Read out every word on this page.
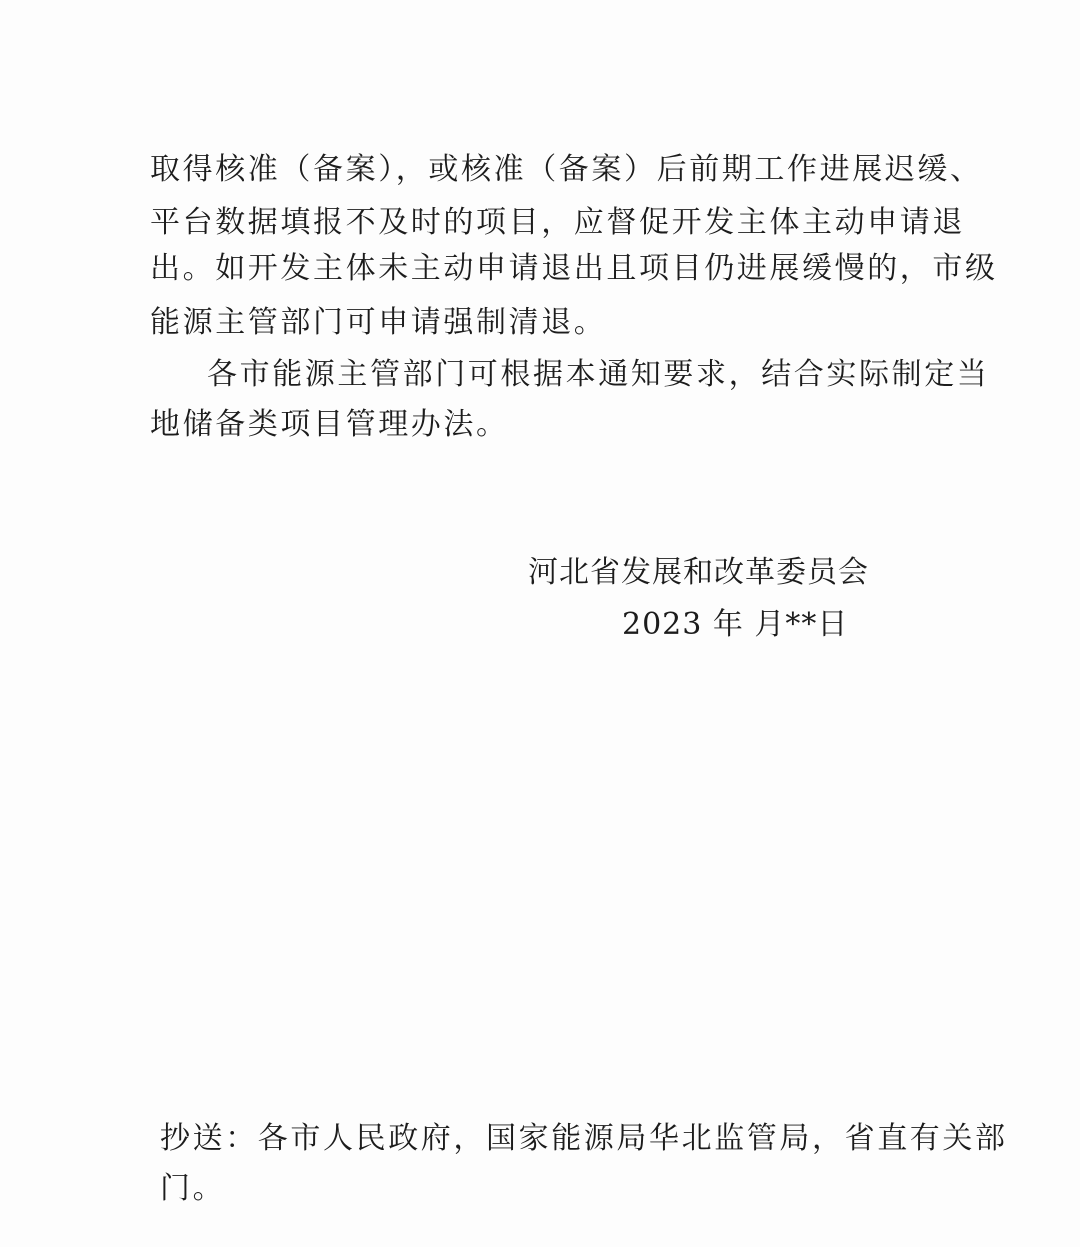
取得核准（备案），或核准（备案）后前期工作进展迟缓、
平台数据填报不及时的项目，应督促开发主体主动申请退
出。如开发主体未主动申请退出且项目仍进展缓慢的，市级
能源主管部门可申请强制清退。
各市能源主管部门可根据本通知要求，结合实际制定当
地储备类项目管理办法。
河北省发展和改革委员会
2023 年 月**日
抄送：各市人民政府，国家能源局华北监管局，省直有关部
门。
